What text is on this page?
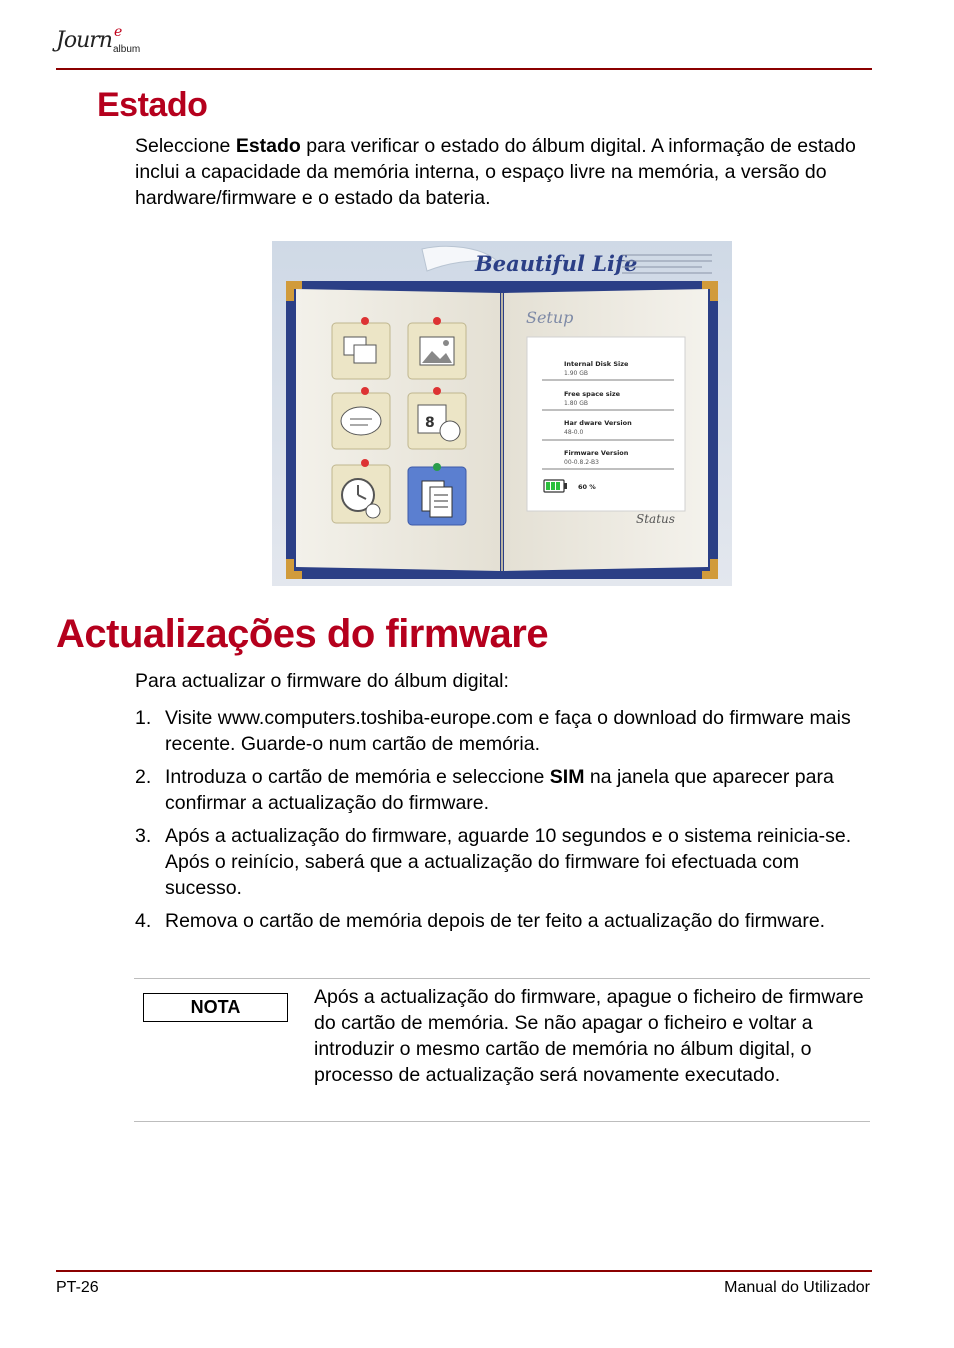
Journ e
album
Estado

Seleccione Estado para verificar o estado do álbum digital. A informação de estado inclui a capacidade da memória interna, o espaço livre na memória, a versão do hardware/firmware e o estado da bateria.

Beautiful Life
8
Setup
Internal Disk Size
1.90 GB
Free space size
1.80 GB
Har dware Version
48-0.0
Firmware Version
00-0.8.2-B3
60 %
Status
Actualizações do firmware

Para actualizar o firmware do álbum digital:

1. Visite www.computers.toshiba-europe.com e faça o download do firmware mais recente. Guarde-o num cartão de memória.
2. Introduza o cartão de memória e seleccione SIM na janela que aparecer para confirmar a actualização do firmware.
3. Após a actualização do firmware, aguarde 10 segundos e o sistema reinicia-se. Após o reinício, saberá que a actualização do firmware foi efectuada com sucesso.
4. Remova o cartão de memória depois de ter feito a actualização do firmware.
NOTA	Após a actualização do firmware, apague o ficheiro de firmware do cartão de memória. Se não apagar o ficheiro e voltar a introduzir o mesmo cartão de memória no álbum digital, o processo de actualização será novamente executado.

PT-26	Manual do Utilizador
